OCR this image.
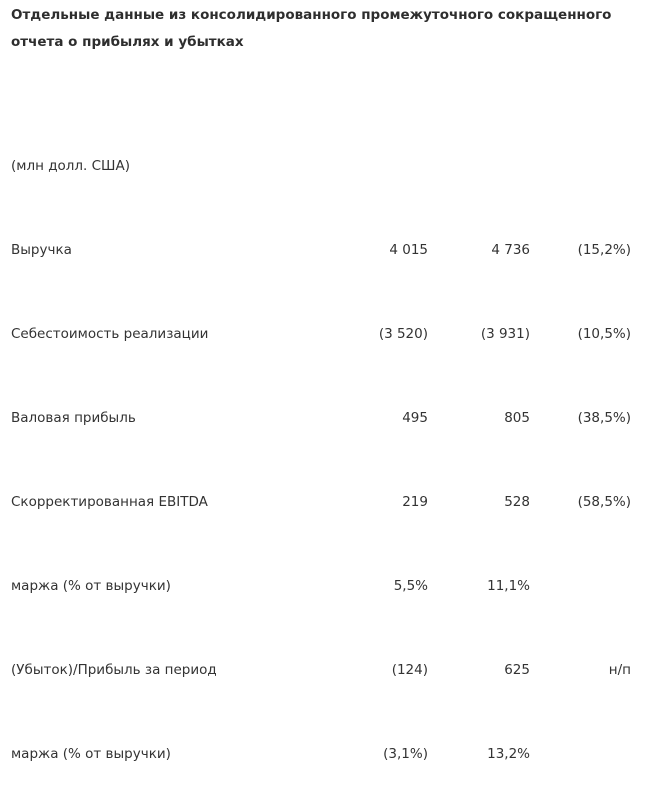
Отдельные данные из консолидированного промежуточного сокращенного отчета о прибылях и убытках
(млн долл. США)
Выручка	4 015	4 736	(15,2%)
Себестоимость реализации	(3 520)	(3 931)	(10,5%)
Валовая прибыль	495	805	(38,5%)
Скорректированная EBITDA	219	528	(58,5%)
маржа (% от выручки)	5,5%	11,1%
(Убыток)/Прибыль за период	(124)	625	н/п
маржа (% от выручки)	(3,1%)	13,2%
